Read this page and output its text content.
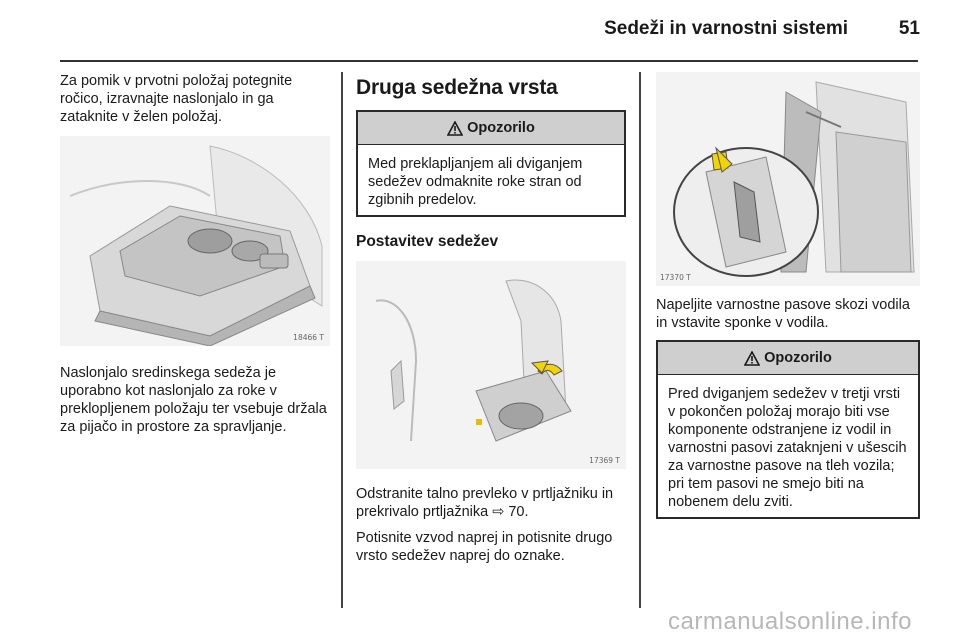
Sedeži in varnostni sistemi	51

Za pomik v prvotni položaj potegnite ročico, izravnajte naslonjalo in ga zataknite v želen položaj.

18466 T

Naslonjalo sredinskega sedeža je uporabno kot naslonjalo za roke v preklopljenem položaju ter vsebuje držala za pijačo in prostore za spravljanje.

Druga sedežna vrsta
Opozorilo

Med preklapljanjem ali dviganjem sedežev odmaknite roke stran od zgibnih predelov.

Postavitev sedežev
17369 T

Odstranite talno prevleko v prtljažniku in prekrivalo prtljažnika ⇨ 70.

Potisnite vzvod naprej in potisnite drugo vrsto sedežev naprej do oznake.

17370 T

Napeljite varnostne pasove skozi vodila in vstavite sponke v vodila.

Opozorilo

Pred dviganjem sedežev v tretji vrsti v pokončen položaj morajo biti vse komponente odstranjene iz vodil in varnostni pasovi zataknjeni v ušescih za varnostne pasove na tleh vozila; pri tem pasovi ne smejo biti na nobenem delu zviti.

carmanualsonline.info
